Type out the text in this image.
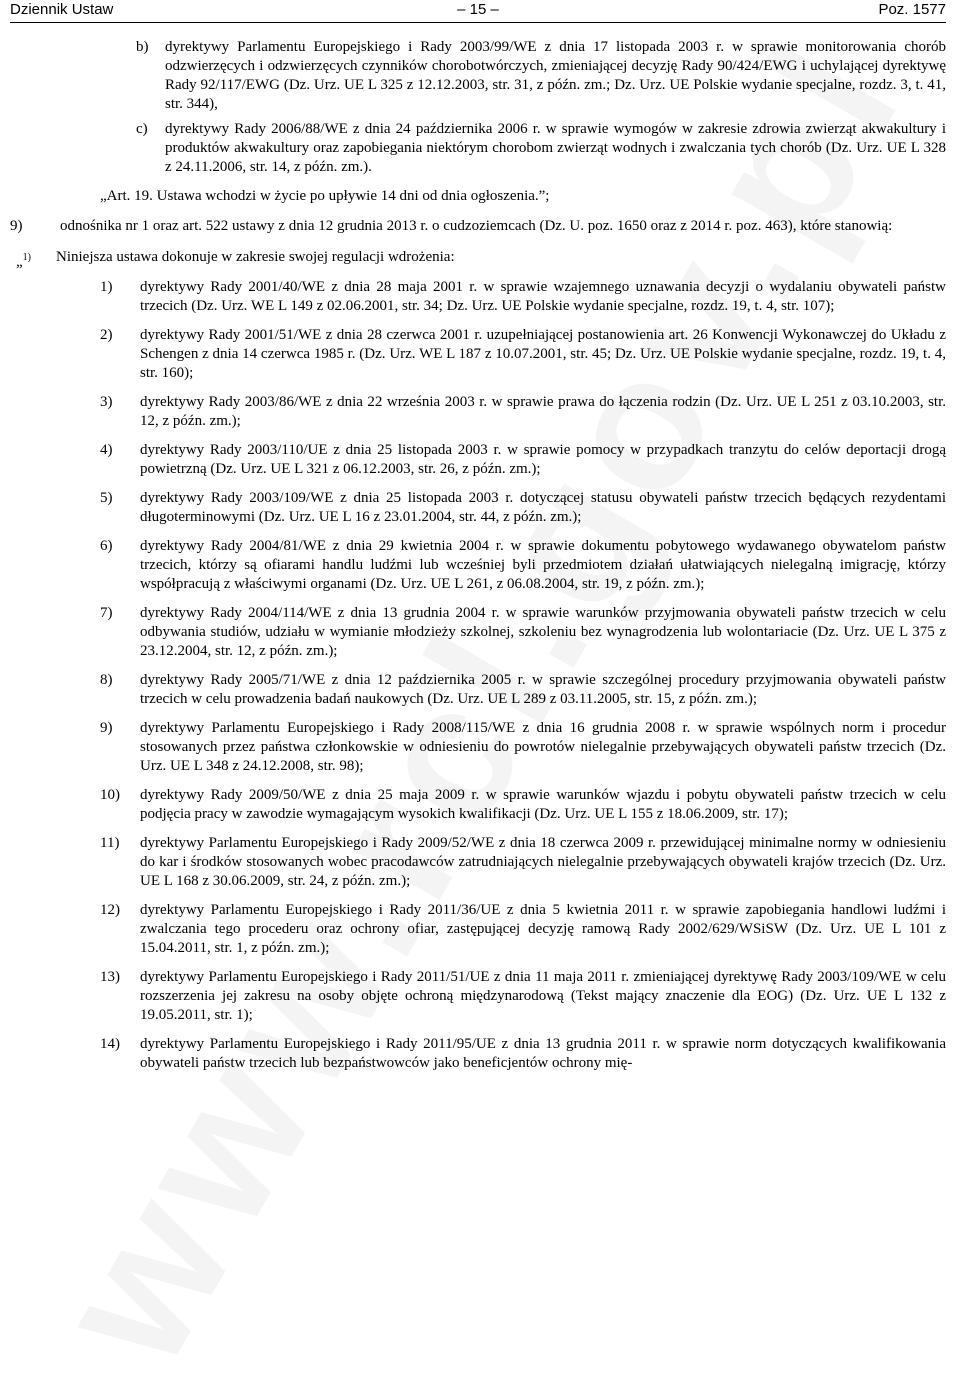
Dziennik Ustaw	– 15 –	Poz. 1577
b) dyrektywy Parlamentu Europejskiego i Rady 2003/99/WE z dnia 17 listopada 2003 r. w sprawie monitorowania chorób odzwierzęcych i odzwierzęcych czynników chorobotwórczych, zmieniającej decyzję Rady 90/424/EWG i uchylającej dyrektywę Rady 92/117/EWG (Dz. Urz. UE L 325 z 12.12.2003, str. 31, z późn. zm.; Dz. Urz. UE Polskie wydanie specjalne, rozdz. 3, t. 41, str. 344),
c) dyrektywy Rady 2006/88/WE z dnia 24 października 2006 r. w sprawie wymogów w zakresie zdrowia zwierząt akwakultury i produktów akwakultury oraz zapobiegania niektórym chorobom zwierząt wodnych i zwalczania tych chorób (Dz. Urz. UE L 328 z 24.11.2006, str. 14, z późn. zm.).
„Art. 19. Ustawa wchodzi w życie po upływie 14 dni od dnia ogłoszenia.”;
9)	odnośnika nr 1 oraz art. 522 ustawy z dnia 12 grudnia 2013 r. o cudzoziemcach (Dz. U. poz. 1650 oraz z 2014 r. poz. 463), które stanowią:
„$^{1)}$ Niniejsza ustawa dokonuje w zakresie swojej regulacji wdrożenia:
1) dyrektywy Rady 2001/40/WE z dnia 28 maja 2001 r. w sprawie wzajemnego uznawania decyzji o wydalaniu obywateli państw trzecich (Dz. Urz. WE L 149 z 02.06.2001, str. 34; Dz. Urz. UE Polskie wydanie specjalne, rozdz. 19, t. 4, str. 107);
2) dyrektywy Rady 2001/51/WE z dnia 28 czerwca 2001 r. uzupełniającej postanowienia art. 26 Konwencji Wykonawczej do Układu z Schengen z dnia 14 czerwca 1985 r. (Dz. Urz. WE L 187 z 10.07.2001, str. 45; Dz. Urz. UE Polskie wydanie specjalne, rozdz. 19, t. 4, str. 160);
3) dyrektywy Rady 2003/86/WE z dnia 22 września 2003 r. w sprawie prawa do łączenia rodzin (Dz. Urz. UE L 251 z 03.10.2003, str. 12, z późn. zm.);
4) dyrektywy Rady 2003/110/UE z dnia 25 listopada 2003 r. w sprawie pomocy w przypadkach tranzytu do celów deportacji drogą powietrzną (Dz. Urz. UE L 321 z 06.12.2003, str. 26, z późn. zm.);
5) dyrektywy Rady 2003/109/WE z dnia 25 listopada 2003 r. dotyczącej statusu obywateli państw trzecich będących rezydentami długoterminowymi (Dz. Urz. UE L 16 z 23.01.2004, str. 44, z późn. zm.);
6) dyrektywy Rady 2004/81/WE z dnia 29 kwietnia 2004 r. w sprawie dokumentu pobytowego wydawanego obywatelom państw trzecich, którzy są ofiarami handlu ludźmi lub wcześniej byli przedmiotem działań ułatwiających nielegalną imigrację, którzy współpracują z właściwymi organami (Dz. Urz. UE L 261, z 06.08.2004, str. 19, z późn. zm.);
7) dyrektywy Rady 2004/114/WE z dnia 13 grudnia 2004 r. w sprawie warunków przyjmowania obywateli państw trzecich w celu odbywania studiów, udziału w wymianie młodzieży szkolnej, szkoleniu bez wynagrodzenia lub wolontariacie (Dz. Urz. UE L 375 z 23.12.2004, str. 12, z późn. zm.);
8) dyrektywy Rady 2005/71/WE z dnia 12 października 2005 r. w sprawie szczególnej procedury przyjmowania obywateli państw trzecich w celu prowadzenia badań naukowych (Dz. Urz. UE L 289 z 03.11.2005, str. 15, z późn. zm.);
9) dyrektywy Parlamentu Europejskiego i Rady 2008/115/WE z dnia 16 grudnia 2008 r. w sprawie wspólnych norm i procedur stosowanych przez państwa członkowskie w odniesieniu do powrotów nielegalnie przebywających obywateli państw trzecich (Dz. Urz. UE L 348 z 24.12.2008, str. 98);
10) dyrektywy Rady 2009/50/WE z dnia 25 maja 2009 r. w sprawie warunków wjazdu i pobytu obywateli państw trzecich w celu podjęcia pracy w zawodzie wymagającym wysokich kwalifikacji (Dz. Urz. UE L 155 z 18.06.2009, str. 17);
11) dyrektywy Parlamentu Europejskiego i Rady 2009/52/WE z dnia 18 czerwca 2009 r. przewidującej minimalne normy w odniesieniu do kar i środków stosowanych wobec pracodawców zatrudniających nielegalnie przebywających obywateli krajów trzecich (Dz. Urz. UE L 168 z 30.06.2009, str. 24, z późn. zm.);
12) dyrektywy Parlamentu Europejskiego i Rady 2011/36/UE z dnia 5 kwietnia 2011 r. w sprawie zapobiegania handlowi ludźmi i zwalczania tego procederu oraz ochrony ofiar, zastępującej decyzję ramową Rady 2002/629/WSiSW (Dz. Urz. UE L 101 z 15.04.2011, str. 1, z późn. zm.);
13) dyrektywy Parlamentu Europejskiego i Rady 2011/51/UE z dnia 11 maja 2011 r. zmieniającej dyrektywę Rady 2003/109/WE w celu rozszerzenia jej zakresu na osoby objęte ochroną międzynarodową (Tekst mający znaczenie dla EOG) (Dz. Urz. UE L 132 z 19.05.2011, str. 1);
14) dyrektywy Parlamentu Europejskiego i Rady 2011/95/UE z dnia 13 grudnia 2011 r. w sprawie norm dotyczących kwalifikowania obywateli państw trzecich lub bezpaństwowców jako beneficjentów ochrony mię-
